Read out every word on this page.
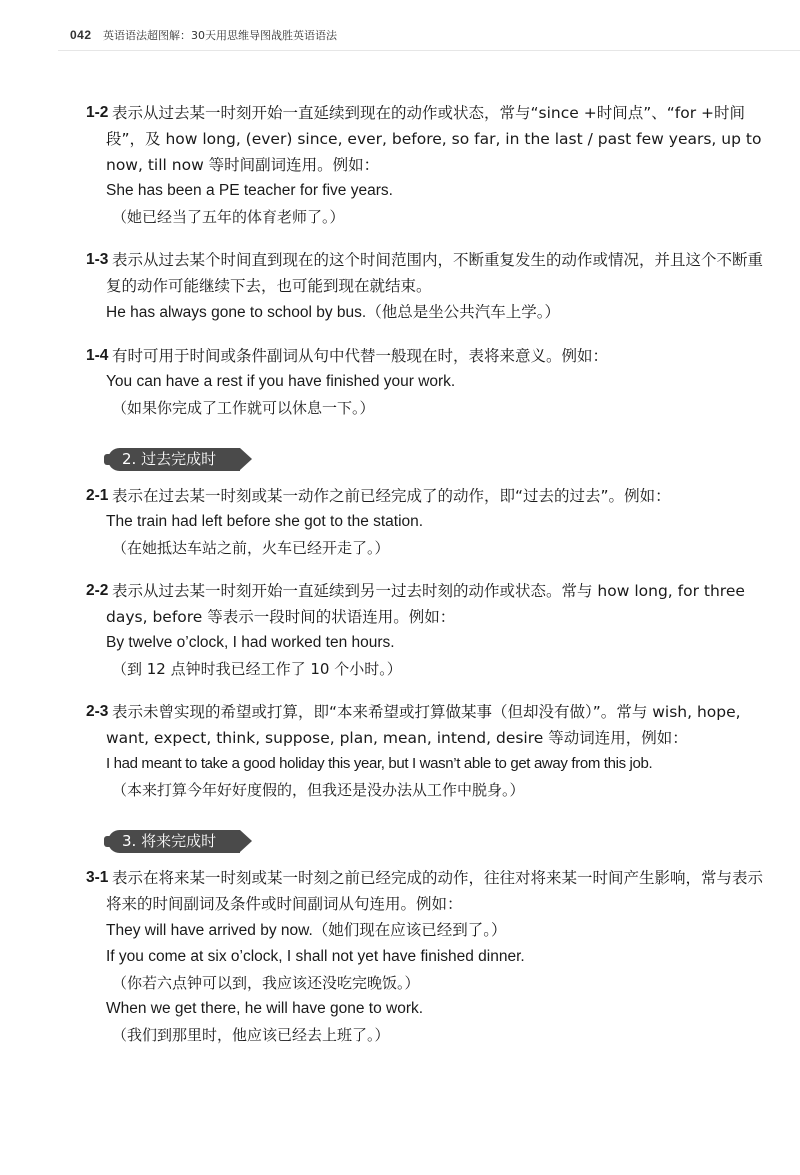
042 英语语法超图解：30天用思维导图战胜英语语法
1-2 表示从过去某一时刻开始一直延续到现在的动作或状态，常与“since +时间点”、“for +时间段”，及 how long, (ever) since, ever, before, so far, in the last / past few years, up to now, till now 等时间副词连用。例如：
She has been a PE teacher for five years.
（她已经当了五年的体育老师了。）
1-3 表示从过去某个时间直到现在的这个时间范围内，不断重复发生的动作或情况，并且这个不断重复的动作可能继续下去，也可能到现在就结束。
He has always gone to school by bus.（他总是坐公共汽车上学。）
1-4 有时可用于时间或条件副词从句中代替一般现在时，表将来意义。例如：
You can have a rest if you have finished your work.
（如果你完成了工作就可以休息一下。）
2. 过去完成时
2-1 表示在过去某一时刻或某一动作之前已经完成了的动作，即“过去的过去”。例如：
The train had left before she got to the station.
（在她抵达车站之前，火车已经开走了。）
2-2 表示从过去某一时刻开始一直延续到另一过去时刻的动作或状态。常与 how long, for three days, before 等表示一段时间的状语连用。例如：
By twelve o’clock, I had worked ten hours.
（到 12 点钟时我已经工作了 10 个小时。）
2-3 表示未曾实现的希望或打算，即“本来希望或打算做某事（但却没有做）”。常与 wish, hope, want, expect, think, suppose, plan, mean, intend, desire 等动词连用，例如：
I had meant to take a good holiday this year, but I wasn’t able to get away from this job.
（本来打算今年好好度假的，但我还是没办法从工作中脱身。）
3. 将来完成时
3-1 表示在将来某一时刻或某一时刻之前已经完成的动作，往往对将来某一时间产生影响，常与表示将来的时间副词及条件或时间副词从句连用。例如：
They will have arrived by now.（她们现在应该已经到了。）
If you come at six o’clock, I shall not yet have finished dinner.
（你若六点钟可以到，我应该还没吃完晚饭。）
When we get there, he will have gone to work.
（我们到那里时，他应该已经去上班了。）
